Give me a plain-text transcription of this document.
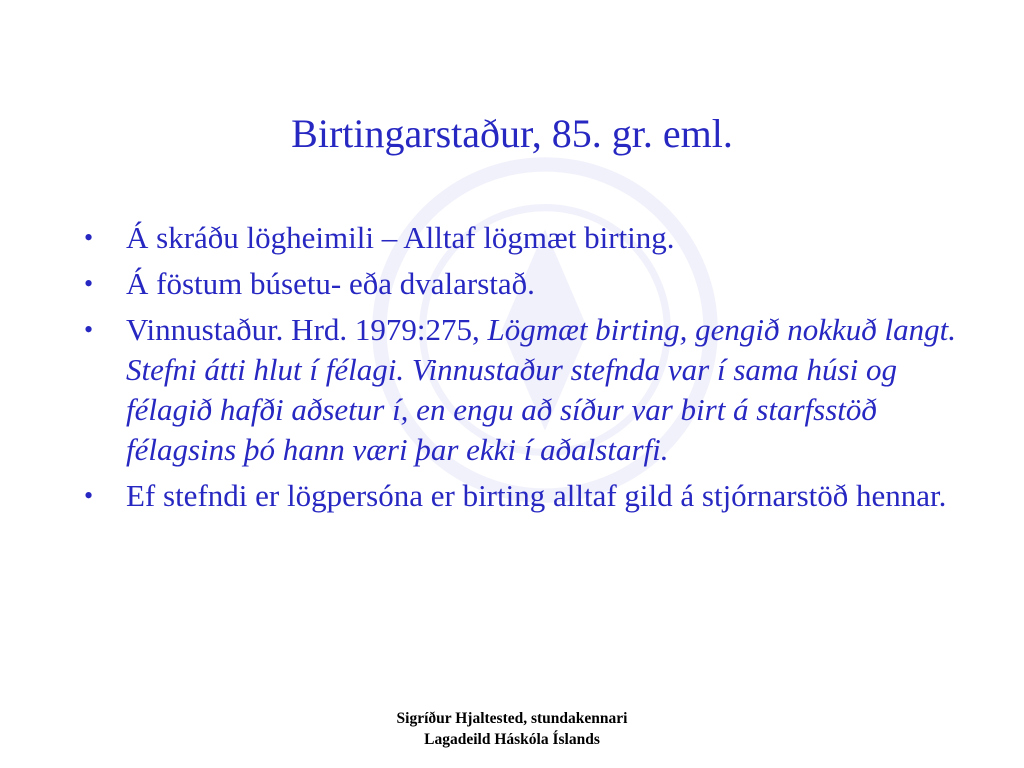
Birtingarstaður, 85. gr. eml.
•	Á skráðu lögheimili – Alltaf lögmæt birting.
•	Á föstum búsetu- eða dvalarstað.
•	Vinnustaður. Hrd. 1979:275, Lögmæt birting, gengið nokkuð langt. Stefni átti hlut í félagi. Vinnustaður stefnda var í sama húsi og félagið hafði aðsetur í, en engu að síður var birt á starfsstöð félagsins þó hann væri þar ekki í aðalstarfi.
•	Ef stefndi er lögpersóna er birting alltaf gild á stjórnarstöð hennar.
Sigríður Hjaltested, stundakennari
Lagadeild Háskóla Íslands
